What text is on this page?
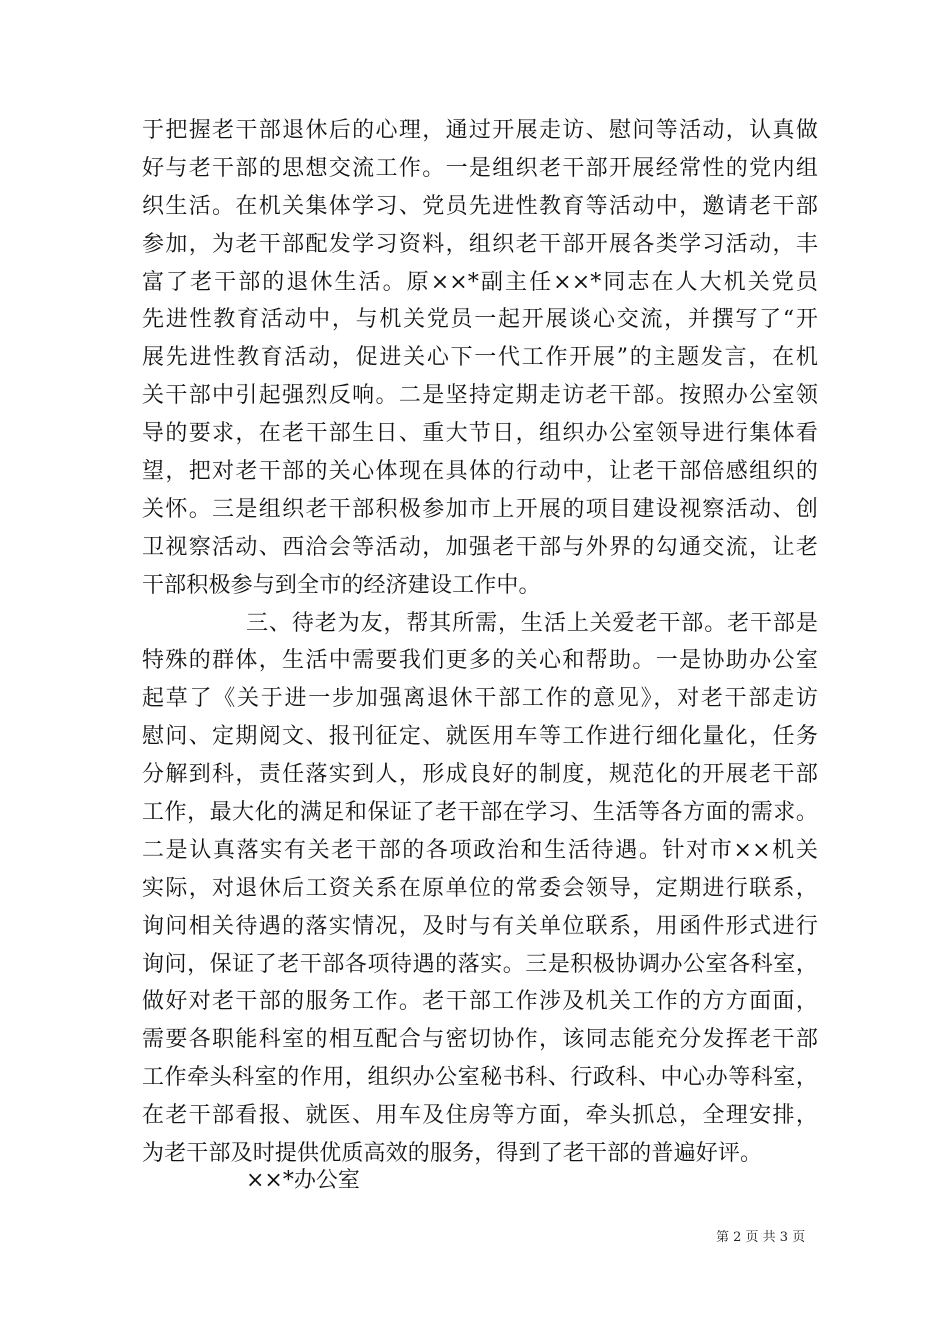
于把握老干部退休后的心理，通过开展走访、慰问等活动，认真做
好与老干部的思想交流工作。一是组织老干部开展经常性的党内组
织生活。在机关集体学习、党员先进性教育等活动中，邀请老干部
参加，为老干部配发学习资料，组织老干部开展各类学习活动，丰
富了老干部的退休生活。原××*副主任××*同志在人大机关党员
先进性教育活动中，与机关党员一起开展谈心交流，并撰写了“开
展先进性教育活动，促进关心下一代工作开展”的主题发言，在机
关干部中引起强烈反响。二是坚持定期走访老干部。按照办公室领
导的要求，在老干部生日、重大节日，组织办公室领导进行集体看
望，把对老干部的关心体现在具体的行动中，让老干部倍感组织的
关怀。三是组织老干部积极参加市上开展的项目建设视察活动、创
卫视察活动、西洽会等活动，加强老干部与外界的勾通交流，让老
干部积极参与到全市的经济建设工作中。
三、待老为友，帮其所需，生活上关爱老干部。老干部是
特殊的群体，生活中需要我们更多的关心和帮助。一是协助办公室
起草了《关于进一步加强离退休干部工作的意见》，对老干部走访
慰问、定期阅文、报刊征定、就医用车等工作进行细化量化，任务
分解到科，责任落实到人，形成良好的制度，规范化的开展老干部
工作，最大化的满足和保证了老干部在学习、生活等各方面的需求。
二是认真落实有关老干部的各项政治和生活待遇。针对市××机关
实际，对退休后工资关系在原单位的常委会领导，定期进行联系，
询问相关待遇的落实情况，及时与有关单位联系，用函件形式进行
询问，保证了老干部各项待遇的落实。三是积极协调办公室各科室，
做好对老干部的服务工作。老干部工作涉及机关工作的方方面面，
需要各职能科室的相互配合与密切协作，该同志能充分发挥老干部
工作牵头科室的作用，组织办公室秘书科、行政科、中心办等科室，
在老干部看报、就医、用车及住房等方面，牵头抓总，全理安排，
为老干部及时提供优质高效的服务，得到了老干部的普遍好评。
××*办公室
第 2 页 共 3 页
